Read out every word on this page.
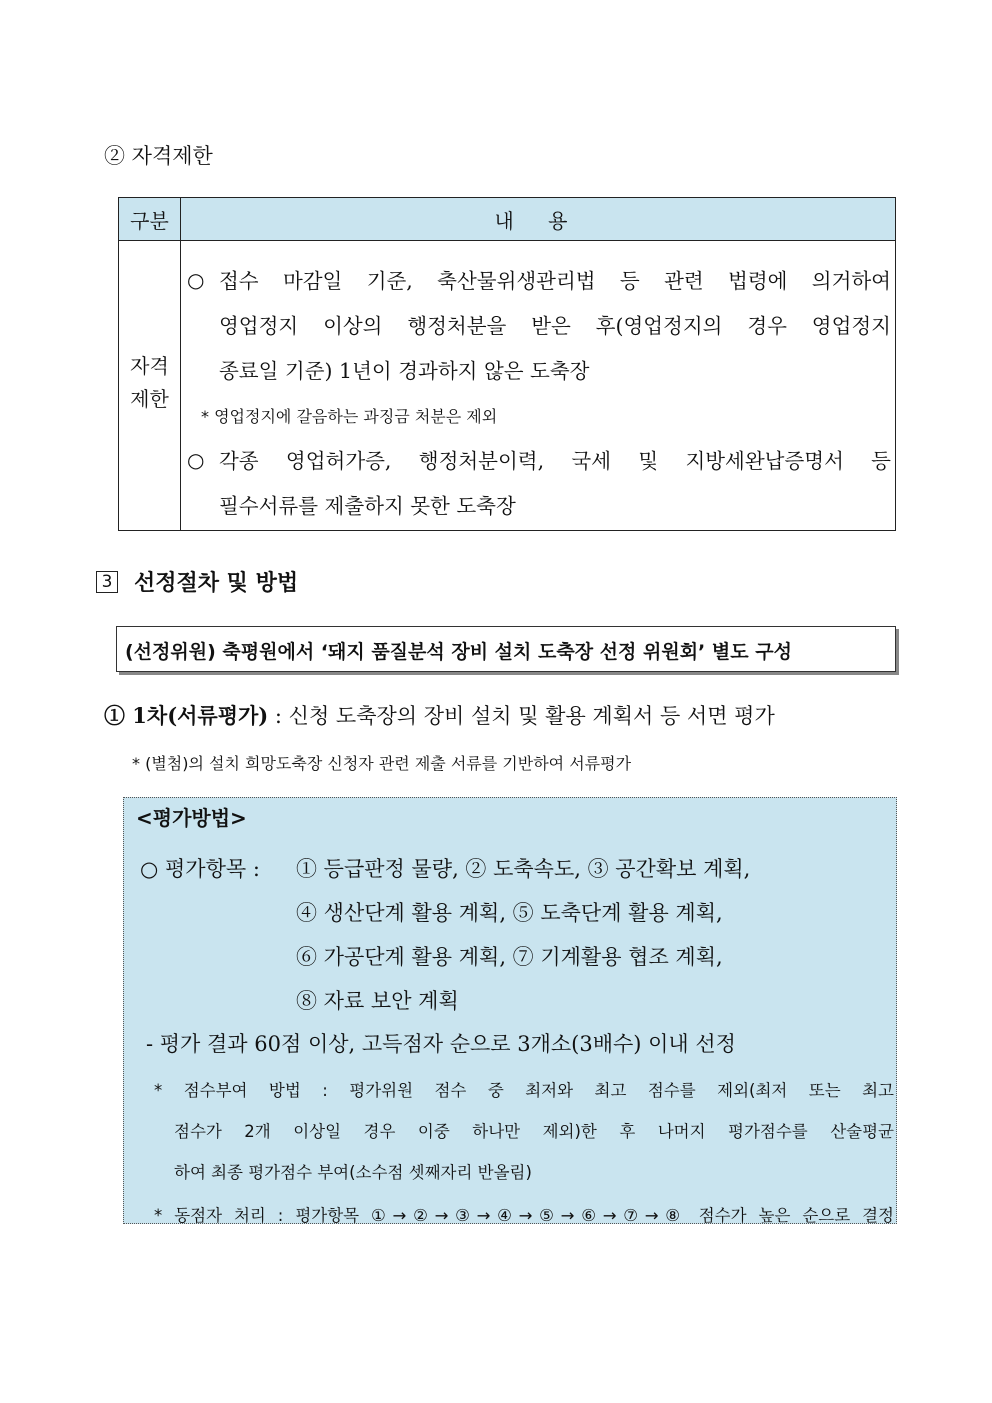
② 자격제한
구분	내 용
자격 제한
○ 접수 마감일 기준, 축산물위생관리법 등 관련 법령에 의거하여
영업정지 이상의 행정처분을 받은 후(영업정지의 경우 영업정지
종료일 기준) 1년이 경과하지 않은 도축장
* 영업정지에 갈음하는 과징금 처분은 제외
○ 각종 영업허가증, 행정처분이력, 국세 및 지방세완납증명서 등
필수서류를 제출하지 못한 도축장
3 선정절차 및 방법
(선정위원) 축평원에서 ‘돼지 품질분석 장비 설치 도축장 선정 위원회’ 별도 구성
① 1차(서류평가) : 신청 도축장의 장비 설치 및 활용 계획서 등 서면 평가
* (별첨)의 설치 희망도축장 신청자 관련 제출 서류를 기반하여 서류평가
<평가방법>
○ 평가항목 : ① 등급판정 물량, ② 도축속도, ③ 공간확보 계획,
④ 생산단계 활용 계획, ⑤ 도축단계 활용 계획,
⑥ 가공단계 활용 계획, ⑦ 기계활용 협조 계획,
⑧ 자료 보안 계획
- 평가 결과 60점 이상, 고득점자 순으로 3개소(3배수) 이내 선정
* 점수부여 방법 : 평가위원 점수 중 최저와 최고 점수를 제외(최저 또는 최고
점수가 2개 이상일 경우 이중 하나만 제외)한 후 나머지 평가점수를 산술평균
하여 최종 평가점수 부여(소수점 셋째자리 반올림)
* 동점자 처리 : 평가항목 ①→②→③→④→⑤→⑥→⑦→⑧ 점수가 높은 순으로 결정
